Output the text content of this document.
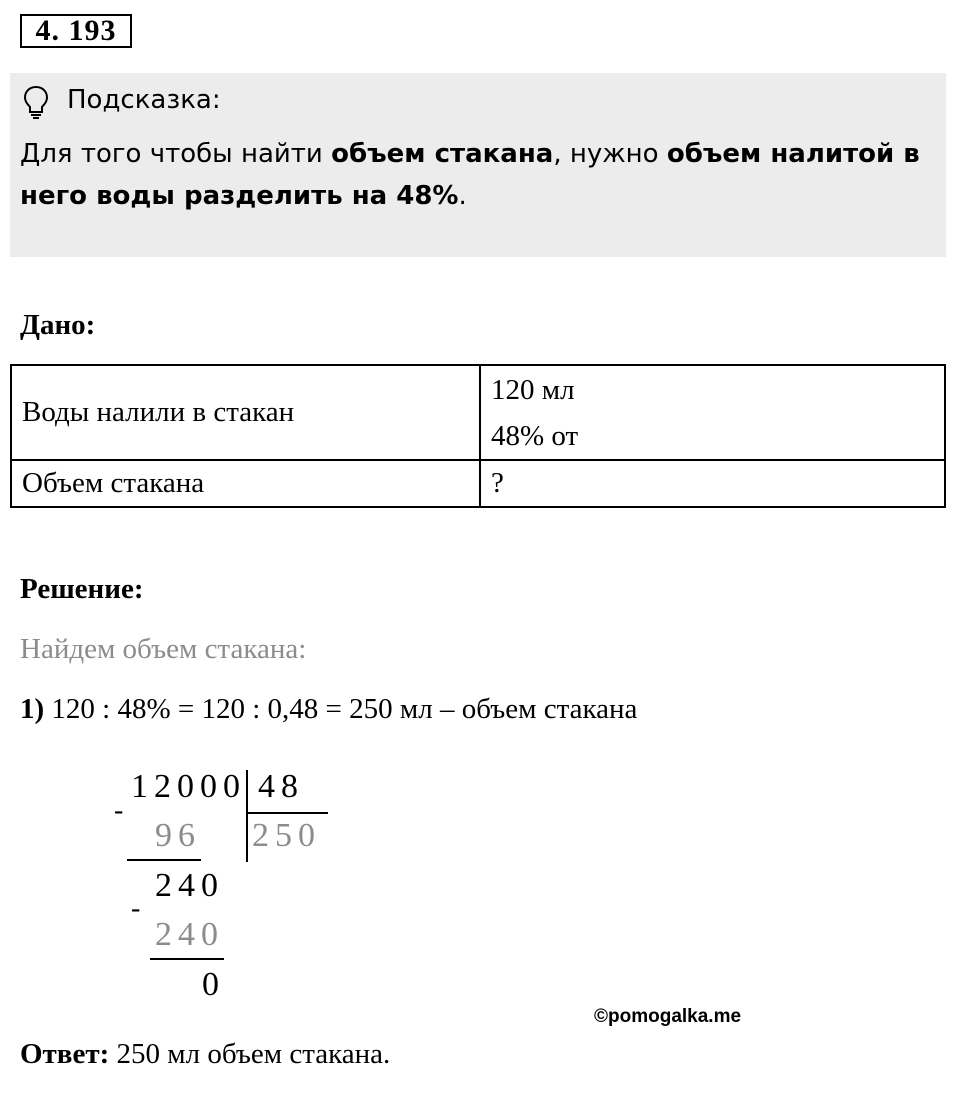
4. 193
Подсказка:
Для того чтобы найти объем стакана, нужно объем налитой в него воды разделить на 48%.
Дано:
Воды налили в стакан	120 мл
48% от

Объем стакана	?
Решение:
Найдем объем стакана:
1) 120 : 48% = 120 : 0,48 = 250 мл – объем стакана
12000 48
250
-
96
240
-
240
0
©pomogalka.me
Ответ: 250 мл объем стакана.
